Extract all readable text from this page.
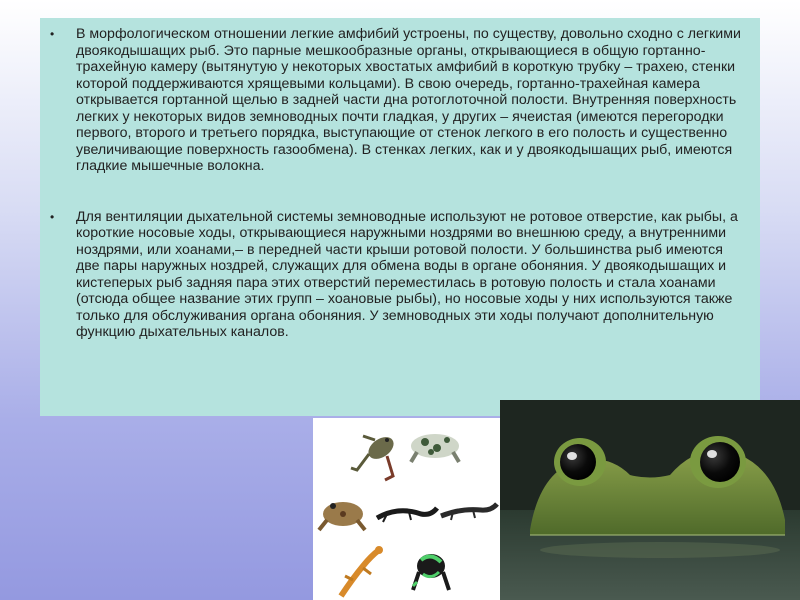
• В морфологическом отношении легкие амфибий устроены, по существу, довольно сходно с легкими двоякодышащих рыб. Это парные мешкообразные органы, открывающиеся в общую гортанно-трахейную камеру (вытянутую у некоторых хвостатых амфибий в короткую трубку – трахею, стенки которой поддерживаются хрящевыми кольцами). В свою очередь, гортанно-трахейная камера открывается гортанной щелью в задней части дна ротоглоточной полости. Внутренняя поверхность легких у некоторых видов земноводных почти гладкая, у других – ячеистая (имеются перегородки первого, второго и третьего порядка, выступающие от стенок легкого в его полость и существенно увеличивающие поверхность газообмена). В стенках легких, как и у двоякодышащих рыб, имеются гладкие мышечные волокна.
• Для вентиляции дыхательной системы земноводные используют не ротовое отверстие, как рыбы, а короткие носовые ходы, открывающиеся наружными ноздрями во внешнюю среду, а внутренними ноздрями, или хоанами,– в передней части крыши ротовой полости. У большинства рыб имеются две пары наружных ноздрей, служащих для обмена воды в органе обоняния. У двоякодышащих и кистеперых рыб задняя пара этих отверстий переместилась в ротовую полость и стала хоанами (отсюда общее название этих групп – хоановые рыбы), но носовые ходы у них используются также только для обслуживания органа обоняния. У земноводных эти ходы получают дополнительную функцию дыхательных каналов.
